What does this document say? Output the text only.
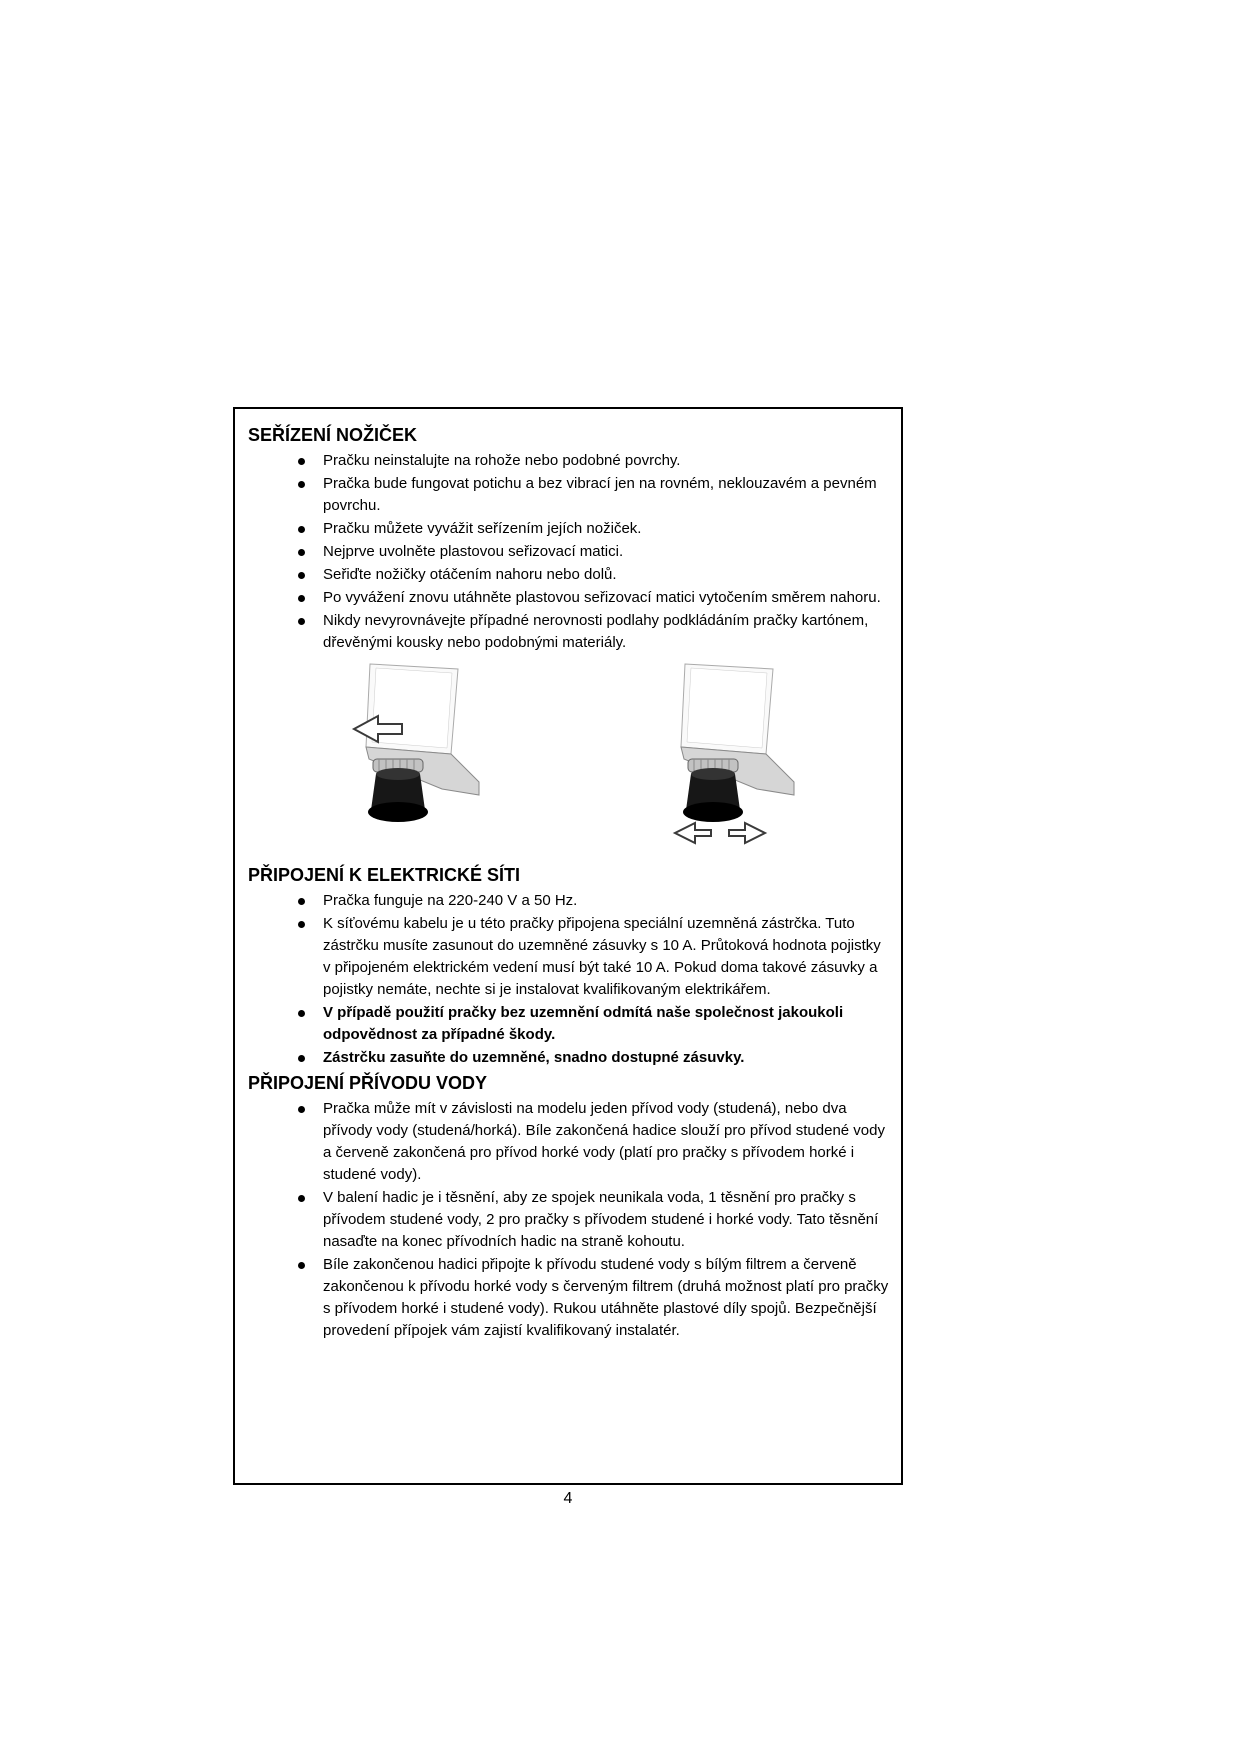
SEŘÍZENÍ NOŽIČEK
Pračku neinstalujte na rohože nebo podobné povrchy.
Pračka bude fungovat potichu a bez vibrací jen na rovném, neklouzavém a pevném povrchu.
Pračku můžete vyvážit seřízením jejích nožiček.
Nejprve uvolněte plastovou seřizovací matici.
Seřiďte nožičky otáčením nahoru nebo dolů.
Po vyvážení znovu utáhněte plastovou seřizovací matici vytočením směrem nahoru.
Nikdy nevyrovnávejte případné nerovnosti podlahy podkládáním pračky kartónem, dřevěnými kousky nebo podobnými materiály.
PŘIPOJENÍ K ELEKTRICKÉ SÍTI
Pračka funguje na 220-240 V a 50 Hz.
K síťovému kabelu je u této pračky připojena speciální uzemněná zástrčka. Tuto zástrčku musíte zasunout do uzemněné zásuvky s 10 A. Průtoková hodnota pojistky v připojeném elektrickém vedení musí být také 10 A. Pokud doma takové zásuvky a pojistky nemáte, nechte si je instalovat kvalifikovaným elektrikářem.
V případě použití pračky bez uzemnění odmítá naše společnost jakoukoli odpovědnost za případné škody.
Zástrčku zasuňte do uzemněné, snadno dostupné zásuvky.
PŘIPOJENÍ PŘÍVODU VODY
Pračka může mít v závislosti na modelu jeden přívod vody (studená), nebo dva přívody vody (studená/horká). Bíle zakončená hadice slouží pro přívod studené vody a červeně zakončená pro přívod horké vody (platí pro pračky s přívodem horké i studené vody).
V balení hadic je i těsnění, aby ze spojek neunikala voda, 1 těsnění pro pračky s přívodem studené vody, 2 pro pračky s přívodem studené i horké vody. Tato těsnění nasaďte na konec přívodních hadic na straně kohoutu.
Bíle zakončenou hadici připojte k přívodu studené vody s bílým filtrem a červeně zakončenou k přívodu horké vody s červeným filtrem (druhá možnost platí pro pračky s přívodem horké i studené vody). Rukou utáhněte plastové díly spojů. Bezpečnější provedení přípojek vám zajistí kvalifikovaný instalatér.
4
